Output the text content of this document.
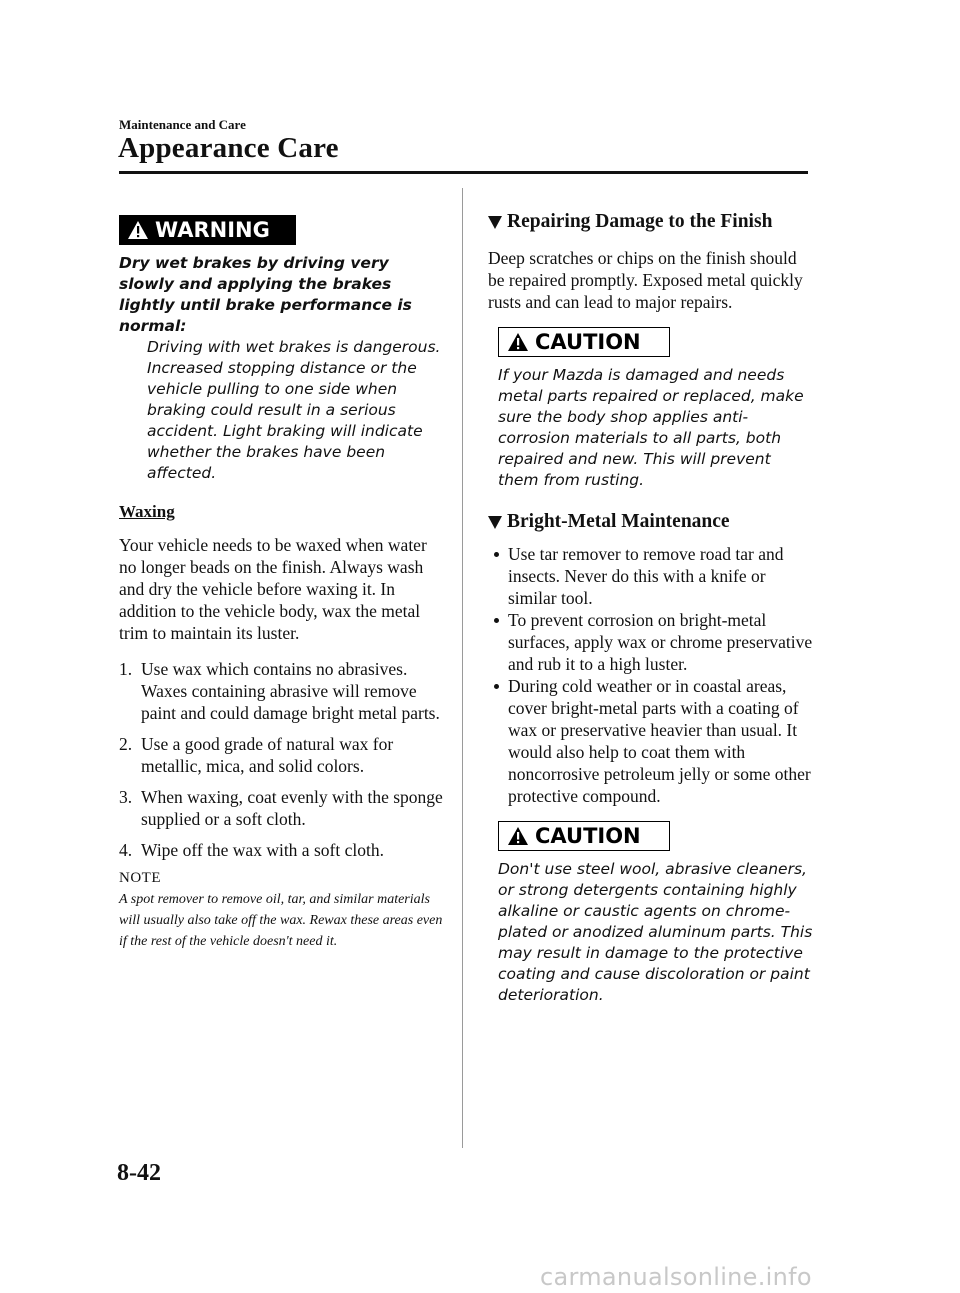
Maintenance and Care
Appearance Care
WARNING

Dry wet brakes by driving very slowly and applying the brakes lightly until brake performance is normal:

Driving with wet brakes is dangerous. Increased stopping distance or the vehicle pulling to one side when braking could result in a serious accident. Light braking will indicate whether the brakes have been affected.

Waxing

Your vehicle needs to be waxed when water no longer beads on the finish. Always wash and dry the vehicle before waxing it. In addition to the vehicle body, wax the metal trim to maintain its luster.

1. Use wax which contains no abrasives. Waxes containing abrasive will remove paint and could damage bright metal parts.
2. Use a good grade of natural wax for metallic, mica, and solid colors.
3. When waxing, coat evenly with the sponge supplied or a soft cloth.
4. Wipe off the wax with a soft cloth.

NOTE

A spot remover to remove oil, tar, and similar materials will usually also take off the wax. Rewax these areas even if the rest of the vehicle doesn't need it.

Repairing Damage to the Finish

Deep scratches or chips on the finish should be repaired promptly. Exposed metal quickly rusts and can lead to major repairs.

CAUTION

If your Mazda is damaged and needs metal parts repaired or replaced, make sure the body shop applies anti-corrosion materials to all parts, both repaired and new. This will prevent them from rusting.

Bright-Metal Maintenance
Use tar remover to remove road tar and insects. Never do this with a knife or similar tool.
To prevent corrosion on bright-metal surfaces, apply wax or chrome preservative and rub it to a high luster.
During cold weather or in coastal areas, cover bright-metal parts with a coating of wax or preservative heavier than usual. It would also help to coat them with noncorrosive petroleum jelly or some other protective compound.
CAUTION

Don't use steel wool, abrasive cleaners, or strong detergents containing highly alkaline or caustic agents on chrome-plated or anodized aluminum parts. This may result in damage to the protective coating and cause discoloration or paint deterioration.

8-42
carmanualsonline.info
